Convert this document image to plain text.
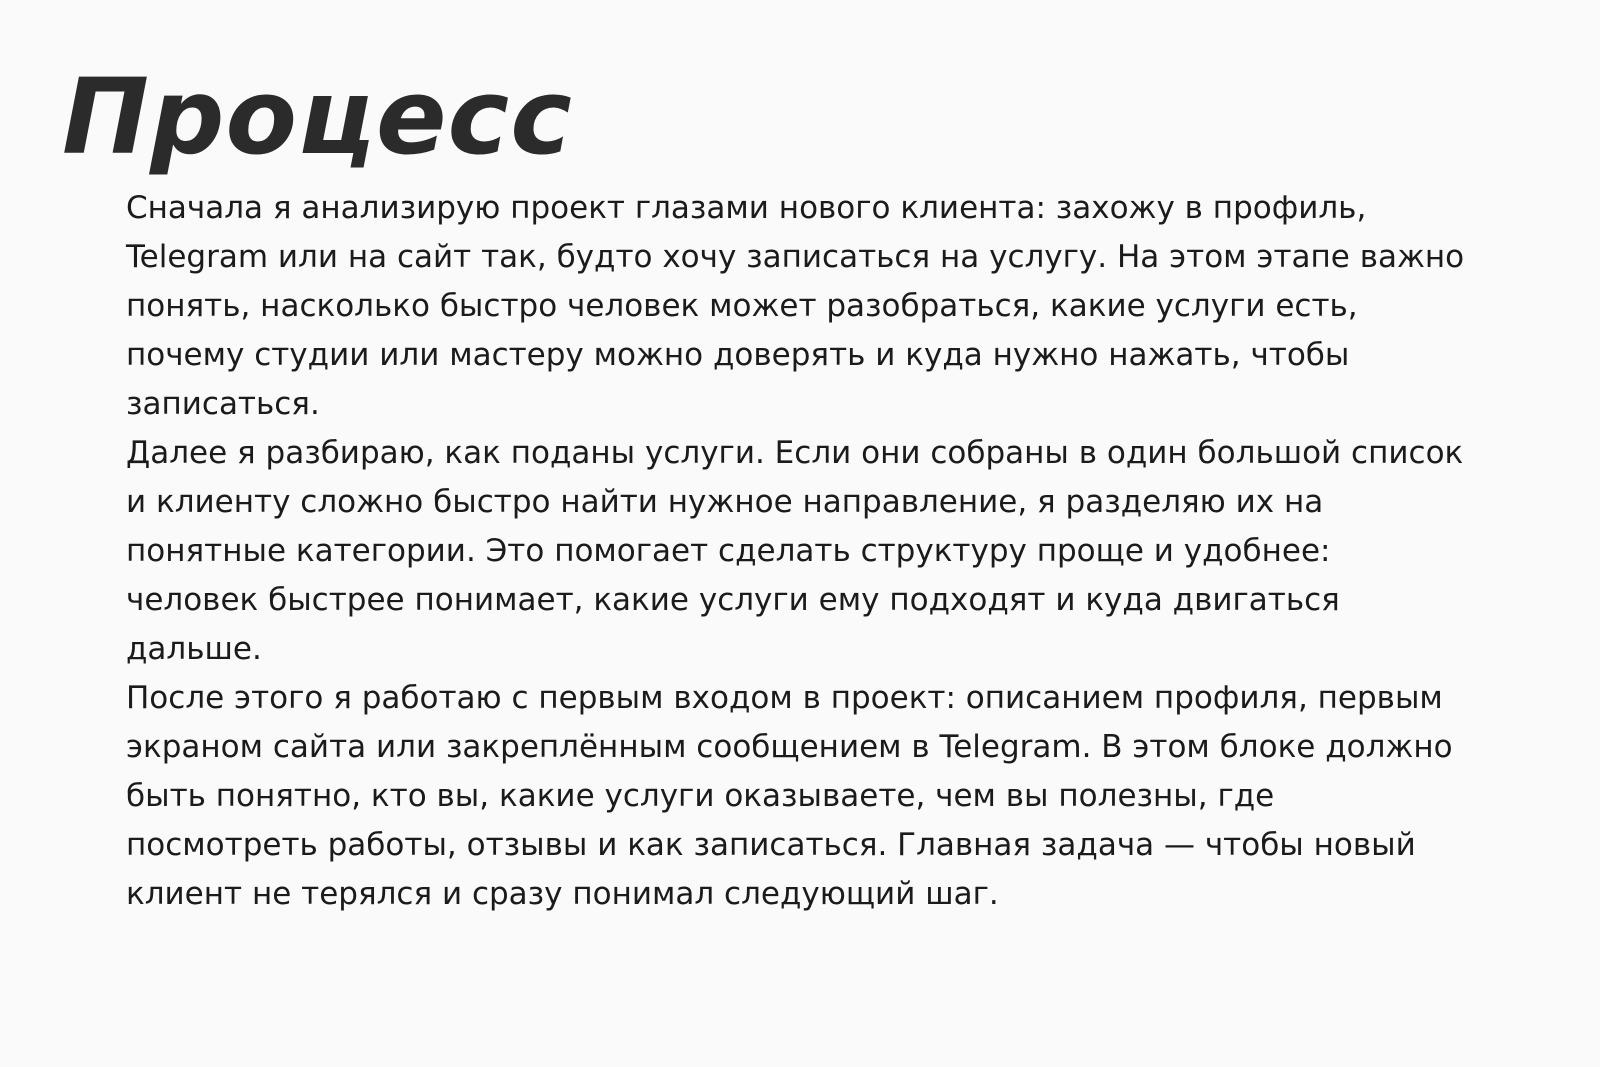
Процесс

Сначала я анализирую проект глазами нового клиента: захожу в профиль, Telegram или на сайт так, будто хочу записаться на услугу. На этом этапе важно понять, насколько быстро человек может разобраться, какие услуги есть, почему студии или мастеру можно доверять и куда нужно нажать, чтобы записаться.

Далее я разбираю, как поданы услуги. Если они собраны в один большой список и клиенту сложно быстро найти нужное направление, я разделяю их на понятные категории. Это помогает сделать структуру проще и удобнее: человек быстрее понимает, какие услуги ему подходят и куда двигаться дальше.

После этого я работаю с первым входом в проект: описанием профиля, первым экраном сайта или закреплённым сообщением в Telegram. В этом блоке должно быть понятно, кто вы, какие услуги оказываете, чем вы полезны, где посмотреть работы, отзывы и как записаться. Главная задача — чтобы новый клиент не терялся и сразу понимал следующий шаг.
